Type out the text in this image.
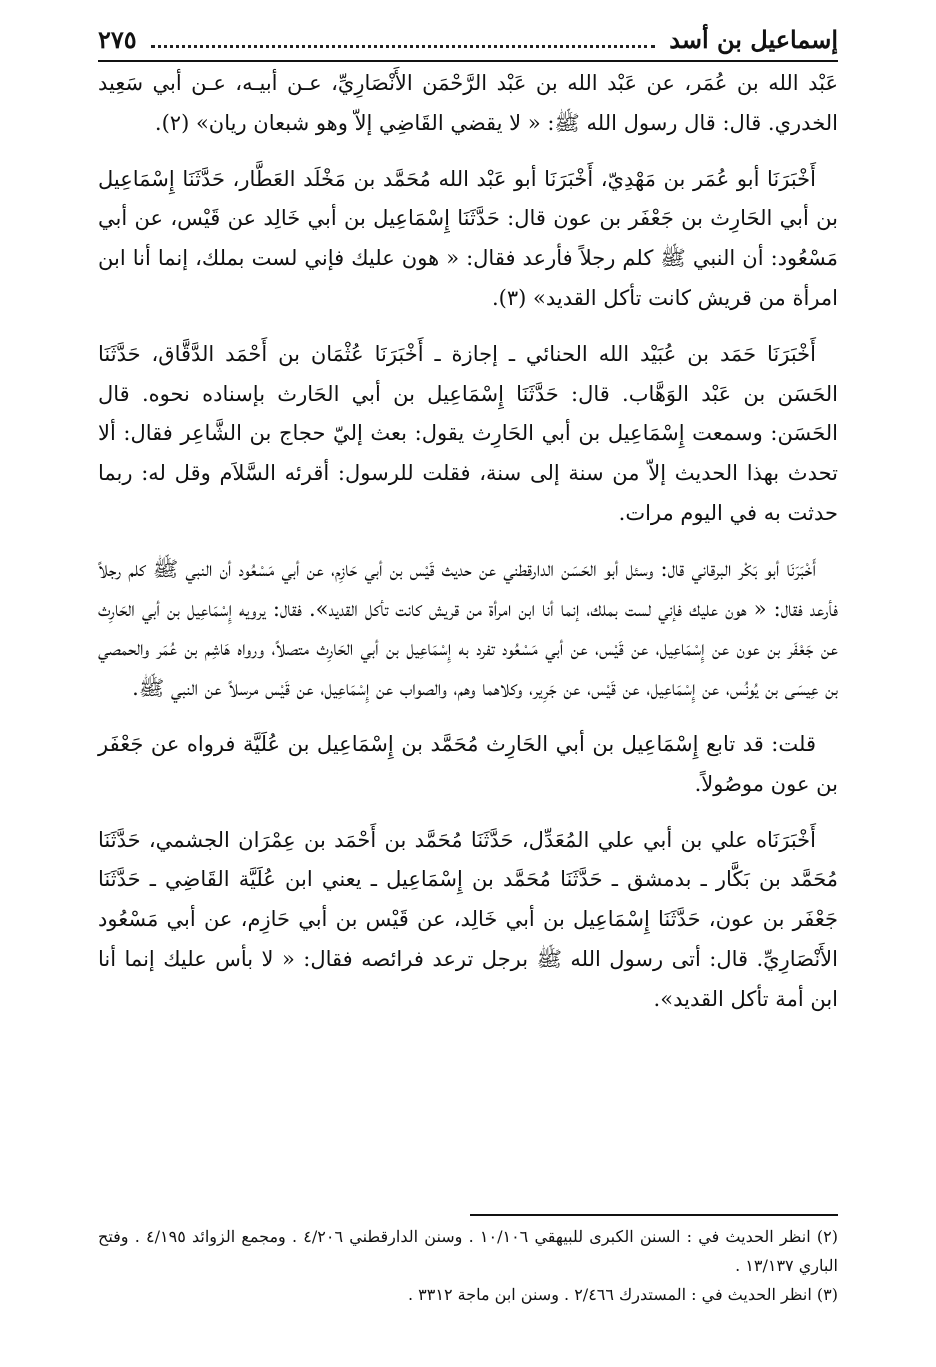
إسماعيل بن أسد
٢٧٥

عَبْد الله بن عُمَر، عن عَبْد الله بن عَبْد الرَّحْمَن الأَنْصَارِيِّ، عـن أبيـه، عـن أبي سَعِيد الخدري. قال: قال رسول الله ﷺ: « لا يقضي القَاضِي إلاّ وهو شبعان ريان» (٢).

أَخْبَرَنَا أبو عُمَر بن مَهْدِيّ، أَخْبَرَنَا أبو عَبْد الله مُحَمَّد بن مَخْلَد العَطَّار، حَدَّثَنَا إِسْمَاعِيل بن أبي الحَارِث بن جَعْفَر بن عون قال: حَدَّثَنَا إِسْمَاعِيل بن أبي خَالِد عن قَيْس، عن أبي مَسْعُود: أن النبي ﷺ كلم رجلاً فأرعد فقال: « هون عليك فإني لست بملك، إنما أنا ابن امرأة من قريش كانت تأكل القديد» (٣).

أَخْبَرَنَا حَمَد بن عُبَيْد الله الحنائي ـ إجازة ـ أَخْبَرَنَا عُثْمَان بن أَحْمَد الدَّقَّاق، حَدَّثَنَا الحَسَن بن عَبْد الوَهَّاب. قال: حَدَّثَنَا إِسْمَاعِيل بن أبي الحَارث بإسناده نحوه. قال الحَسَن: وسمعت إِسْمَاعِيل بن أبي الحَارِث يقول: بعث إليّ حجاج بن الشَّاعِر فقال: ألا تحدث بهذا الحديث إلاّ من سنة إلى سنة، فقلت للرسول: أقرئه السَّلاَم وقل له: ربما حدثت به في اليوم مرات.

أَخْبَرَنَا أبو بَكْر البرقاني قال: وسئل أبو الحَسَن الدارقطني عن حديث قَيْس بن أبي حَازِم، عن أبي مَسْعُود أن النبي ﷺ كلم رجلاً فأرعد فقال: « هون عليك فإني لست بملك، إنما أنا ابن امرأة من قريش كانت تأكل القديد». فقال: يرويه إِسْمَاعِيل بن أبي الحَارِث عن جَعْفَر بن عون عن إِسْمَاعِيل، عن قَيْس، عن أبي مَسْعُود تفرد به إِسْمَاعِيل بن أبي الحَارِث متصلاً، ورواه هَاشِم بن عُمَر والحمصي بن عِيسَى بن يُونُس، عن إِسْمَاعِيل، عن قَيْس، عن جَرِير، وكلاهما وهم، والصواب عن إِسْمَاعِيل، عن قَيْس مرسلاً عن النبي ﷺ.

قلت: قد تابع إِسْمَاعِيل بن أبي الحَارِث مُحَمَّد بن إِسْمَاعِيل بن عُلَيَّة فرواه عن جَعْفَر بن عون موصُولاً.

أَخْبَرَنَاه علي بن أبي علي المُعَدِّل، حَدَّثَنَا مُحَمَّد بن أَحْمَد بن عِمْرَان الجشمي، حَدَّثَنَا مُحَمَّد بن بَكَّار ـ بدمشق ـ حَدَّثَنَا مُحَمَّد بن إِسْمَاعِيل ـ يعني ابن عُلَيَّة القَاضِي ـ حَدَّثَنَا جَعْفَر بن عون، حَدَّثَنَا إِسْمَاعِيل بن أبي خَالِد، عن قَيْس بن أبي حَازِم، عن أبي مَسْعُود الأَنْصَارِيِّ. قال: أتى رسول الله ﷺ برجل ترعد فرائصه فقال: « لا بأس عليك إنما أنا ابن أمة تأكل القديد».

(٢) انظر الحديث في : السنن الكبرى للبيهقي ١٠/١٠٦ . وسنن الدارقطني ٤/٢٠٦ . ومجمع الزوائد ٤/١٩٥ . وفتح الباري ١٣/١٣٧ .

(٣) انظر الحديث في : المستدرك ٢/٤٦٦ . وسنن ابن ماجة ٣٣١٢ .
